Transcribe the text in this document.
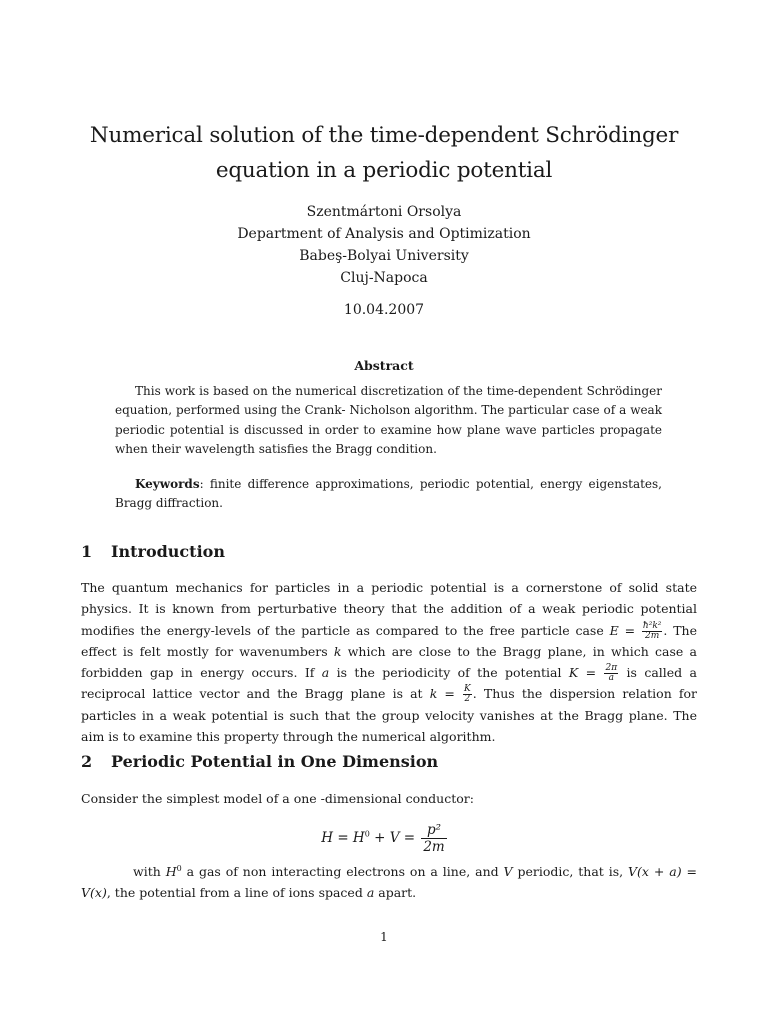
Numerical solution of the time-dependent Schrödinger equation in a periodic potential
Szentmártoni Orsolya
Department of Analysis and Optimization
Babeş-Bolyai University
Cluj-Napoca
10.04.2007
Abstract
This work is based on the numerical discretization of the time-dependent Schrödinger equation, performed using the Crank- Nicholson algorithm. The particular case of a weak periodic potential is discussed in order to examine how plane wave particles propagate when their wavelength satisfies the Bragg condition.
Keywords: finite difference approximations, periodic potential, energy eigenstates, Bragg diffraction.
1 Introduction
The quantum mechanics for particles in a periodic potential is a cornerstone of solid state physics. It is known from perturbative theory that the addition of a weak periodic potential modifies the energy-levels of the particle as compared to the free particle case $E = \frac{\text{ħ²k²}}{2m}$ . The effect is felt mostly for wavenumbers k which are close to the Bragg plane, in which case a forbidden gap in energy occurs. If a is the periodicity of the potential $K = \frac{2\pi}{a}$ is called a reciprocal lattice vector and the Bragg plane is at $k = \frac{K}{2}$ . Thus the dispersion relation for particles in a weak potential is such that the group velocity vanishes at the Bragg plane. The aim is to examine this property through the numerical algorithm.
2 Periodic Potential in One Dimension
Consider the simplest model of a one -dimensional conductor:
$H = H^0 + V = \frac{\text{p²}}{2m}$
with $H^0$ a gas of non interacting electrons on a line, and V periodic, that is, V(x + a) = V(x), the potential from a line of ions spaced a apart.
1
